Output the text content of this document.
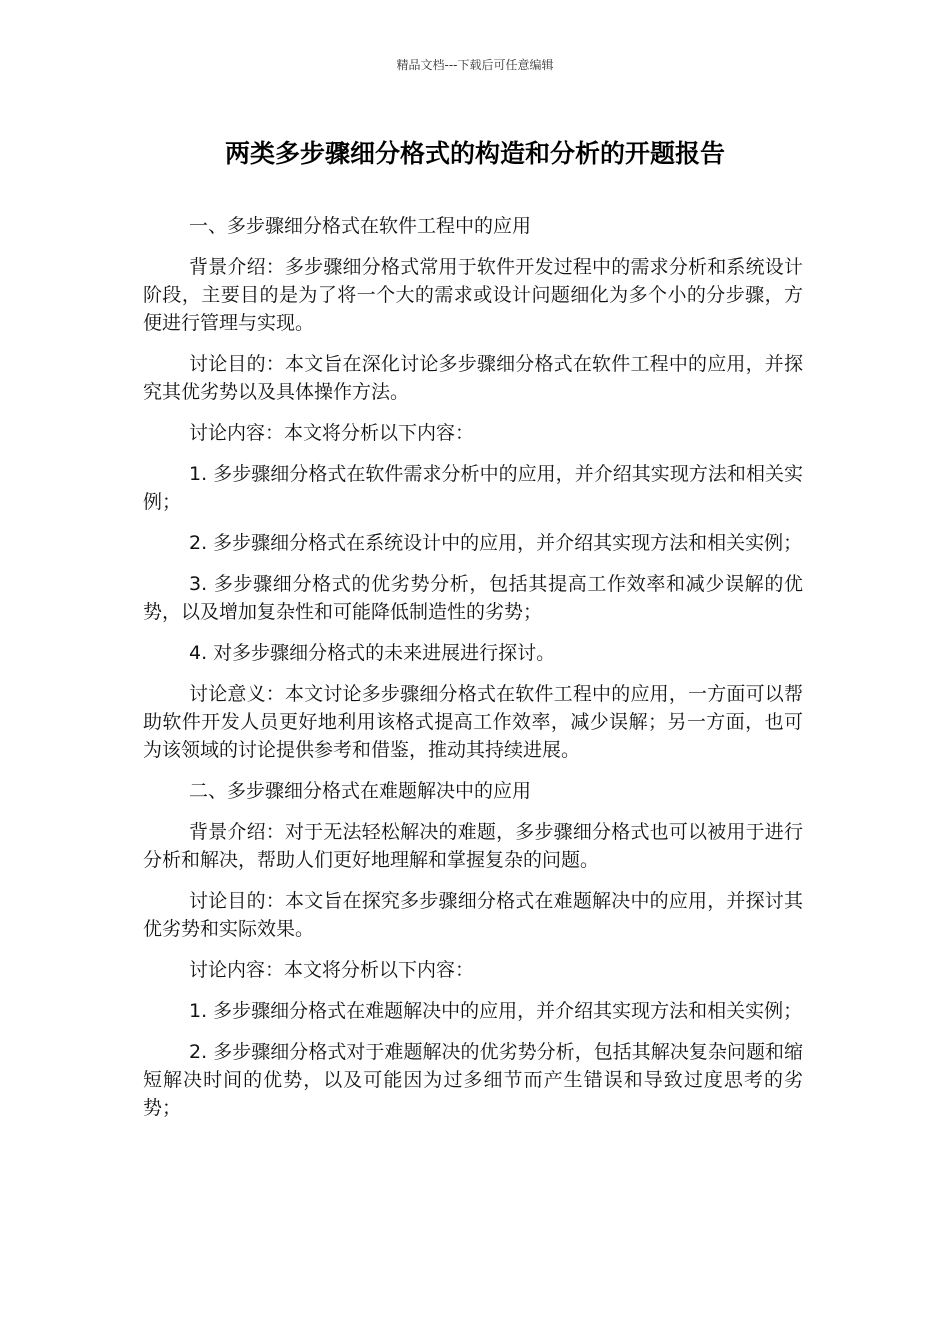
精品文档---下载后可任意编辑
两类多步骤细分格式的构造和分析的开题报告

一、多步骤细分格式在软件工程中的应用

背景介绍：多步骤细分格式常用于软件开发过程中的需求分析和系统设计阶段，主要目的是为了将一个大的需求或设计问题细化为多个小的分步骤，方便进行管理与实现。

讨论目的：本文旨在深化讨论多步骤细分格式在软件工程中的应用，并探究其优劣势以及具体操作方法。

讨论内容：本文将分析以下内容：

1. 多步骤细分格式在软件需求分析中的应用，并介绍其实现方法和相关实例；

2. 多步骤细分格式在系统设计中的应用，并介绍其实现方法和相关实例；

3. 多步骤细分格式的优劣势分析，包括其提高工作效率和减少误解的优势，以及增加复杂性和可能降低制造性的劣势；

4. 对多步骤细分格式的未来进展进行探讨。

讨论意义：本文讨论多步骤细分格式在软件工程中的应用，一方面可以帮助软件开发人员更好地利用该格式提高工作效率，减少误解；另一方面，也可为该领域的讨论提供参考和借鉴，推动其持续进展。

二、多步骤细分格式在难题解决中的应用

背景介绍：对于无法轻松解决的难题，多步骤细分格式也可以被用于进行分析和解决，帮助人们更好地理解和掌握复杂的问题。

讨论目的：本文旨在探究多步骤细分格式在难题解决中的应用，并探讨其优劣势和实际效果。

讨论内容：本文将分析以下内容：

1. 多步骤细分格式在难题解决中的应用，并介绍其实现方法和相关实例；

2. 多步骤细分格式对于难题解决的优劣势分析，包括其解决复杂问题和缩短解决时间的优势，以及可能因为过多细节而产生错误和导致过度思考的劣势；
